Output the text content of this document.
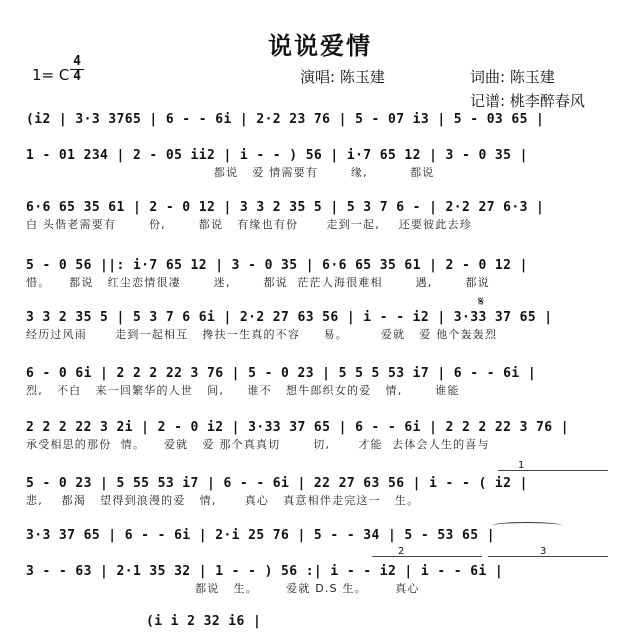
说说爱情
1= C
4
4	演唱: 陈玉建	词曲: 陈玉建
记谱: 桃李醉春风
(i2 | 3·3 3765 | 6 - - 6i | 2·2 23 76 | 5 - 07 i3 | 5 - 03 65 |
1 - 01 234 | 2 - 05 ii2 | i - - ) 56 | i·7 65 12 | 3 - 0 35 |
都说   爱 情需要有       缘,         都说
6·6 65 35 61 | 2 - 0 12 | 3 3 2 35 5 | 5 3 7 6 - | 2·2 27 6·3 |
白 头偕老需要有       份,       都说   有缘也有份      走到一起,    还要彼此去珍
5 - 0 56 ||: i·7 65 12 | 3 - 0 35 | 6·6 65 35 61 | 2 - 0 12 |
惜。    都说   红尘恋情很凄       迷,       都说  茫茫人海很难相       遇,       都说
3 3 2 35 5 | 5 3 7 6 6i | 2·2 27 63 56 | i - - i2 | 3·33 37 65 |
经历过风雨      走到一起相互   搀扶一生真的不容     易。       爱就   爱 他个轰轰烈
𝄋
6 - 0 6i | 2 2 2 22 3 76 | 5 - 0 23 | 5 5 5 53 i7 | 6 - - 6i |
烈,   不白   来一回繁华的人世   间,     谁不   想牛郎织女的爱   情,       谁能
2 2 2 22 3 2i | 2 - 0 i2 | 3·33 37 65 | 6 - - 6i | 2 2 2 22 3 76 |
承受相思的那份  情。    爱就   爱 那个真真切       切,      才能  去体会人生的喜与
1
5 - 0 23 | 5 55 53 i7 | 6 - - 6i | 22 27 63 56 | i - - ( i2 |
悲,    都渴   望得到浪漫的爱   情,      真心   真意相伴走完这一   生。
3·3 37 65 | 6 - - 6i | 2·i 25 76 | 5 - - 34 | 5 - 53 65 |
2	3
3 - - 63 | 2·1 35 32 | 1 - - ) 56 :| i - - i2 | i - - 6i |
都说   生。      爱就 D.S 生。      真心
(i i 2 32 i6 |
